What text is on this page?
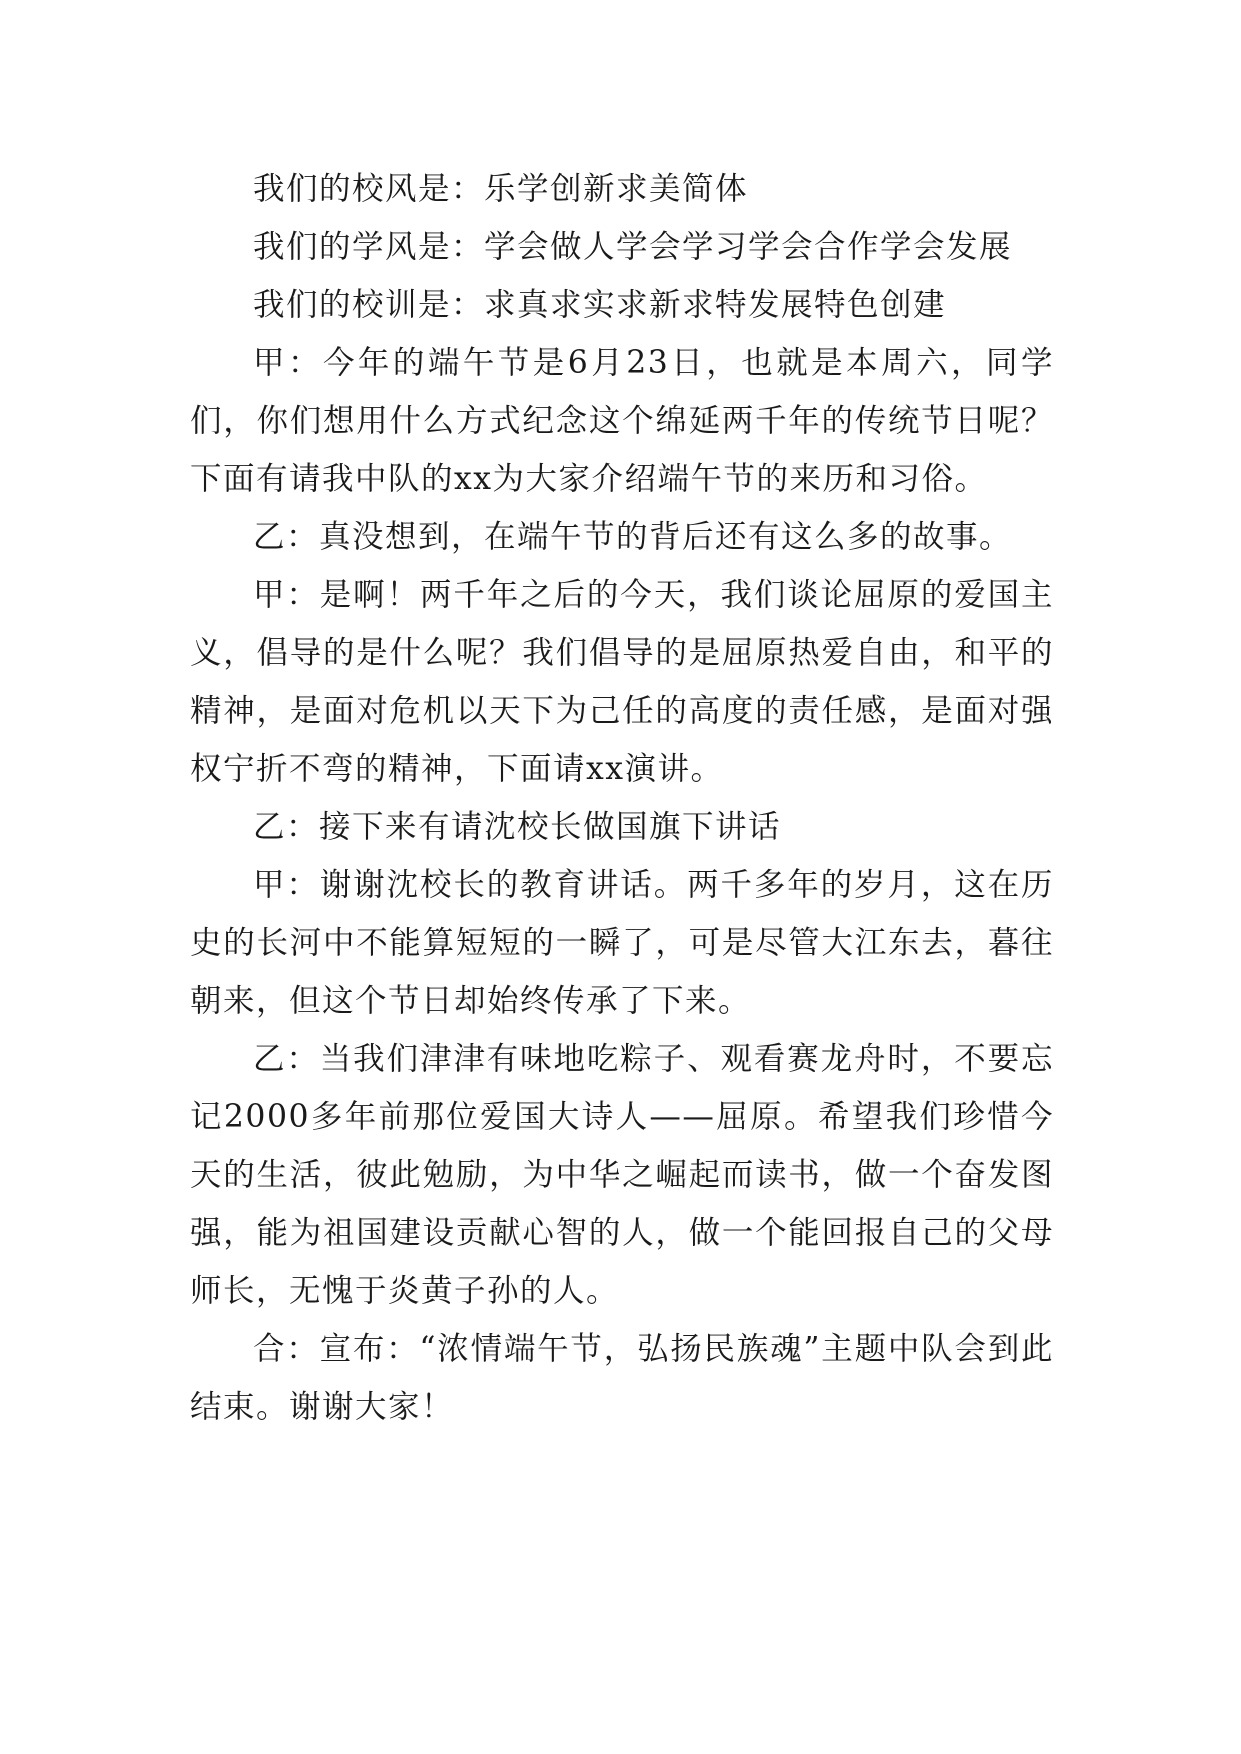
我们的校风是：乐学创新求美简体

我们的学风是：学会做人学会学习学会合作学会发展

我们的校训是：求真求实求新求特发展特色创建

甲：今年的端午节是6月23日，也就是本周六，同学们，你们想用什么方式纪念这个绵延两千年的传统节日呢？下面有请我中队的xx为大家介绍端午节的来历和习俗。

乙：真没想到，在端午节的背后还有这么多的故事。

甲：是啊！两千年之后的今天，我们谈论屈原的爱国主义，倡导的是什么呢？我们倡导的是屈原热爱自由，和平的精神，是面对危机以天下为己任的高度的责任感，是面对强权宁折不弯的精神，下面请xx演讲。

乙：接下来有请沈校长做国旗下讲话

甲：谢谢沈校长的教育讲话。两千多年的岁月，这在历史的长河中不能算短短的一瞬了，可是尽管大江东去，暮往朝来，但这个节日却始终传承了下来。

乙：当我们津津有味地吃粽子、观看赛龙舟时，不要忘记2000多年前那位爱国大诗人——屈原。希望我们珍惜今天的生活，彼此勉励，为中华之崛起而读书，做一个奋发图强，能为祖国建设贡献心智的人，做一个能回报自己的父母师长，无愧于炎黄子孙的人。

合：宣布：“浓情端午节，弘扬民族魂”主题中队会到此结束。谢谢大家！
